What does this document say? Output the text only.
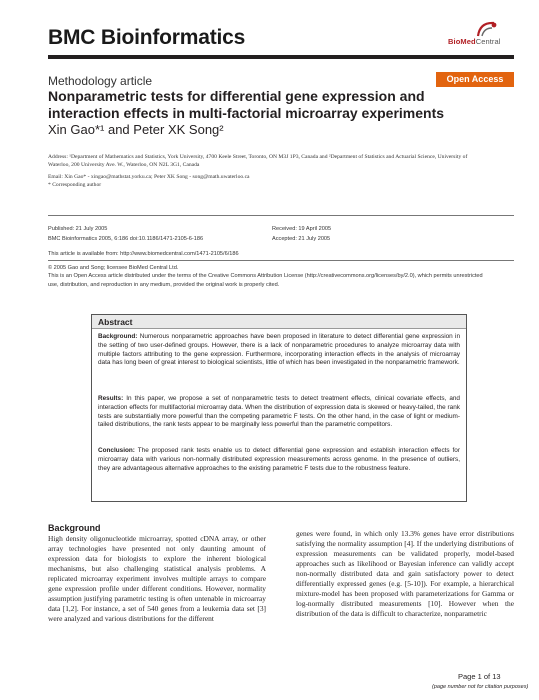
BMC Bioinformatics	BioMedCentral
Methodology article	Open Access
Nonparametric tests for differential gene expression and interaction effects in multi-factorial microarray experiments
Xin Gao*¹ and Peter XK Song²
Address: ¹Department of Mathematics and Statistics, York University, 4700 Keele Street, Toronto, ON M3J 1P3, Canada and ²Department of Statistics and Actuarial Science, University of Waterloo, 200 University Ave. W., Waterloo, ON N2L 3G1, Canada
Email: Xin Gao* - xingao@mathstat.yorku.ca; Peter XK Song - song@math.uwaterloo.ca
* Corresponding author
Published: 21 July 2005
BMC Bioinformatics 2005, 6:186 doi:10.1186/1471-2105-6-186
Received: 19 April 2005
Accepted: 21 July 2005
This article is available from: http://www.biomedcentral.com/1471-2105/6/186
© 2005 Gao and Song; licensee BioMed Central Ltd.
This is an Open Access article distributed under the terms of the Creative Commons Attribution License (http://creativecommons.org/licenses/by/2.0), which permits unrestricted use, distribution, and reproduction in any medium, provided the original work is properly cited.
Abstract
Background: Numerous nonparametric approaches have been proposed in literature to detect differential gene expression in the setting of two user-defined groups. However, there is a lack of nonparametric procedures to analyze microarray data with multiple factors attributing to the gene expression. Furthermore, incorporating interaction effects in the analysis of microarray data has long been of great interest to biological scientists, little of which has been investigated in the nonparametric framework.
Results: In this paper, we propose a set of nonparametric tests to detect treatment effects, clinical covariate effects, and interaction effects for multifactorial microarray data. When the distribution of expression data is skewed or heavy-tailed, the rank tests are substantially more powerful than the competing parametric F tests. On the other hand, in the case of light or medium-tailed distributions, the rank tests appear to be marginally less powerful than the parametric competitors.
Conclusion: The proposed rank tests enable us to detect differential gene expression and establish interaction effects for microarray data with various non-normally distributed expression measurements across genome. In the presence of outliers, they are advantageous alternative approaches to the existing parametric F tests due to the robustness feature.
Background
High density oligonucleotide microarray, spotted cDNA array, or other array technologies have presented not only daunting amount of expression data for biologists to explore the inherent biological mechanisms, but also challenging statistical analysis problems. A replicated microarray experiment involves multiple arrays to compare gene expression profile under different conditions. However, normality assumption justifying parametric testing is often untenable in microarray data [1,2]. For instance, a set of 540 genes from a leukemia data set [3] were analyzed and various distributions for the different
genes were found, in which only 13.3% genes have error distributions satisfying the normality assumption [4]. If the underlying distributions of expression measurements can be validated properly, model-based approaches such as likelihood or Bayesian inference can validly accept non-normally distributed data and gain satisfactory power to detect differentially expressed genes (e.g. [5-10]). For example, a hierarchical mixture-model has been proposed with parameterizations for Gamma or log-normally distributed measurements [10]. However when the distribution of the data is difficult to characterize, nonparametric
Page 1 of 13
(page number not for citation purposes)
